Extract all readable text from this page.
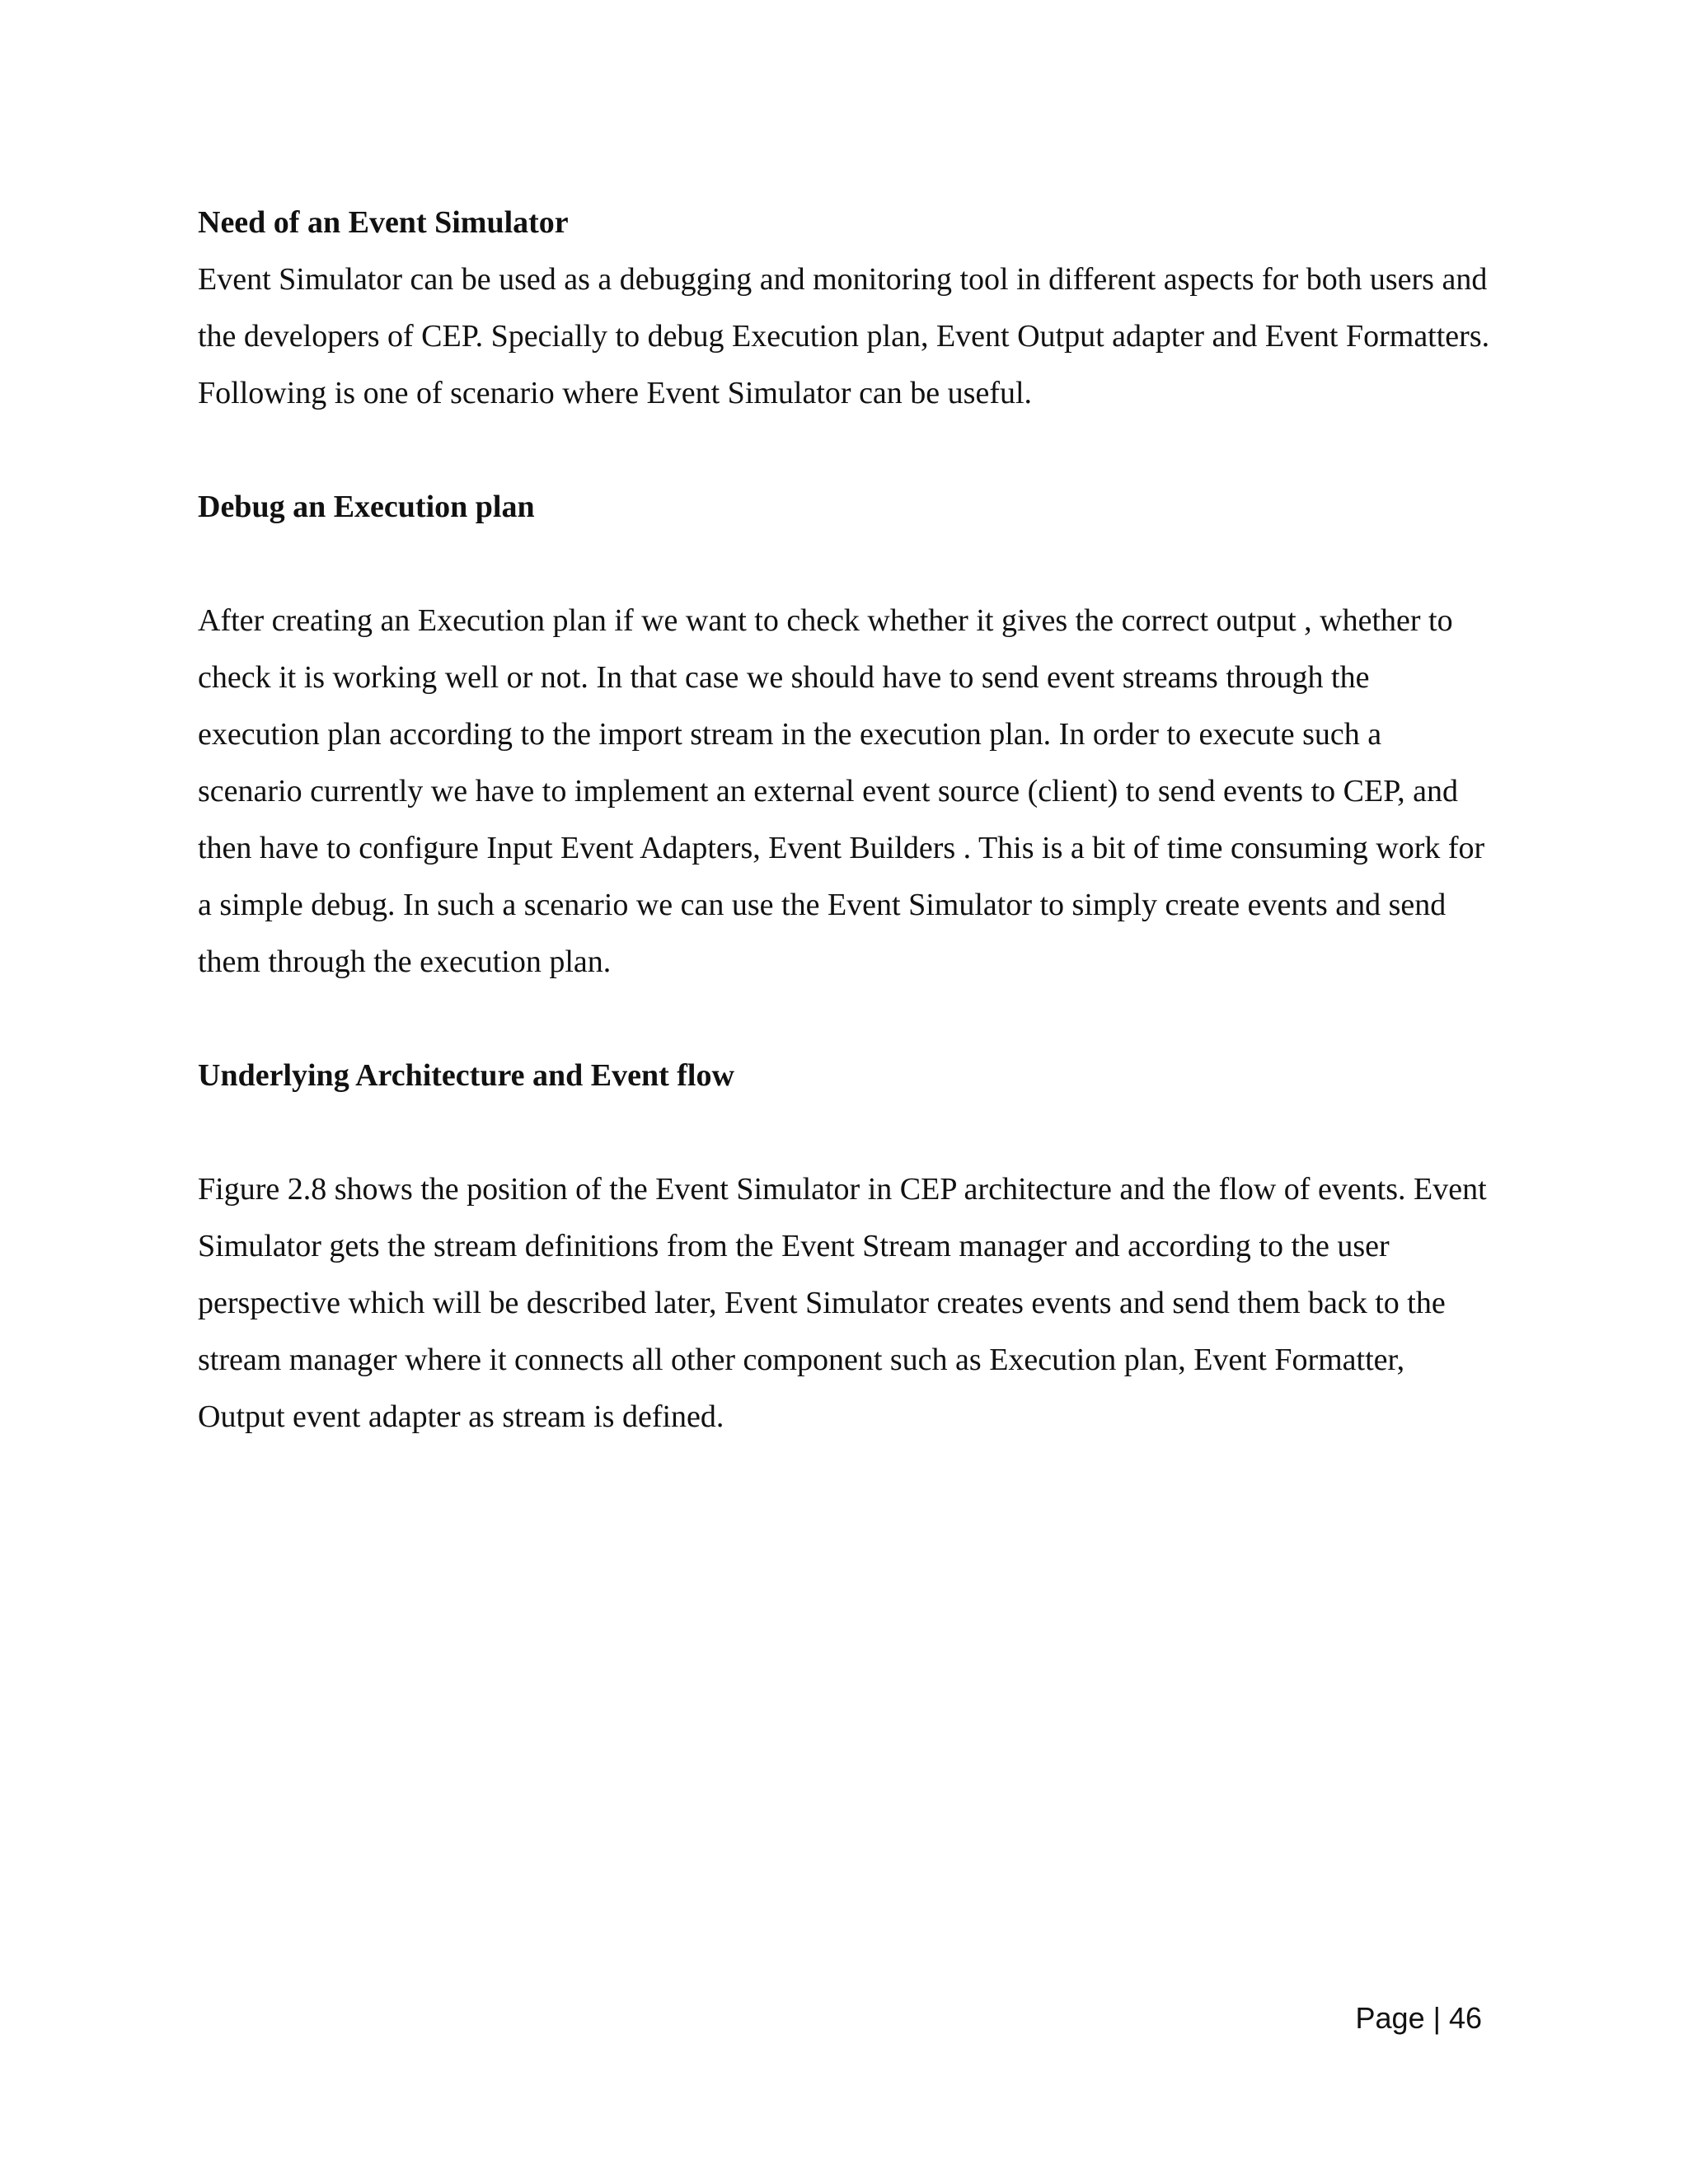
Need of an Event Simulator

Event Simulator can be used as a debugging and monitoring tool in different aspects for both users and the developers of CEP. Specially to debug Execution plan, Event Output adapter and Event Formatters. Following is one of scenario where Event Simulator can be useful.

Debug an Execution plan

After creating an Execution plan if we want to check whether it gives the correct output , whether to check it is working well or not. In that case we should have to send event streams through the execution plan according to the import stream in the execution plan. In order to execute such a scenario currently we have to implement an external event source (client) to send events to CEP, and then have to configure Input Event Adapters, Event Builders . This is a bit of time consuming work for a simple debug. In such a scenario we can use the Event Simulator to simply create events and send them through the execution plan.

Underlying Architecture and Event flow

Figure 2.8 shows the position of the Event Simulator in CEP architecture and the flow of events. Event Simulator gets the stream definitions from the Event Stream manager and according to the user perspective which will be described later, Event Simulator creates events and send them back to the stream manager where it connects all other component such as Execution plan, Event Formatter, Output event adapter as stream is defined.

Page | 46
